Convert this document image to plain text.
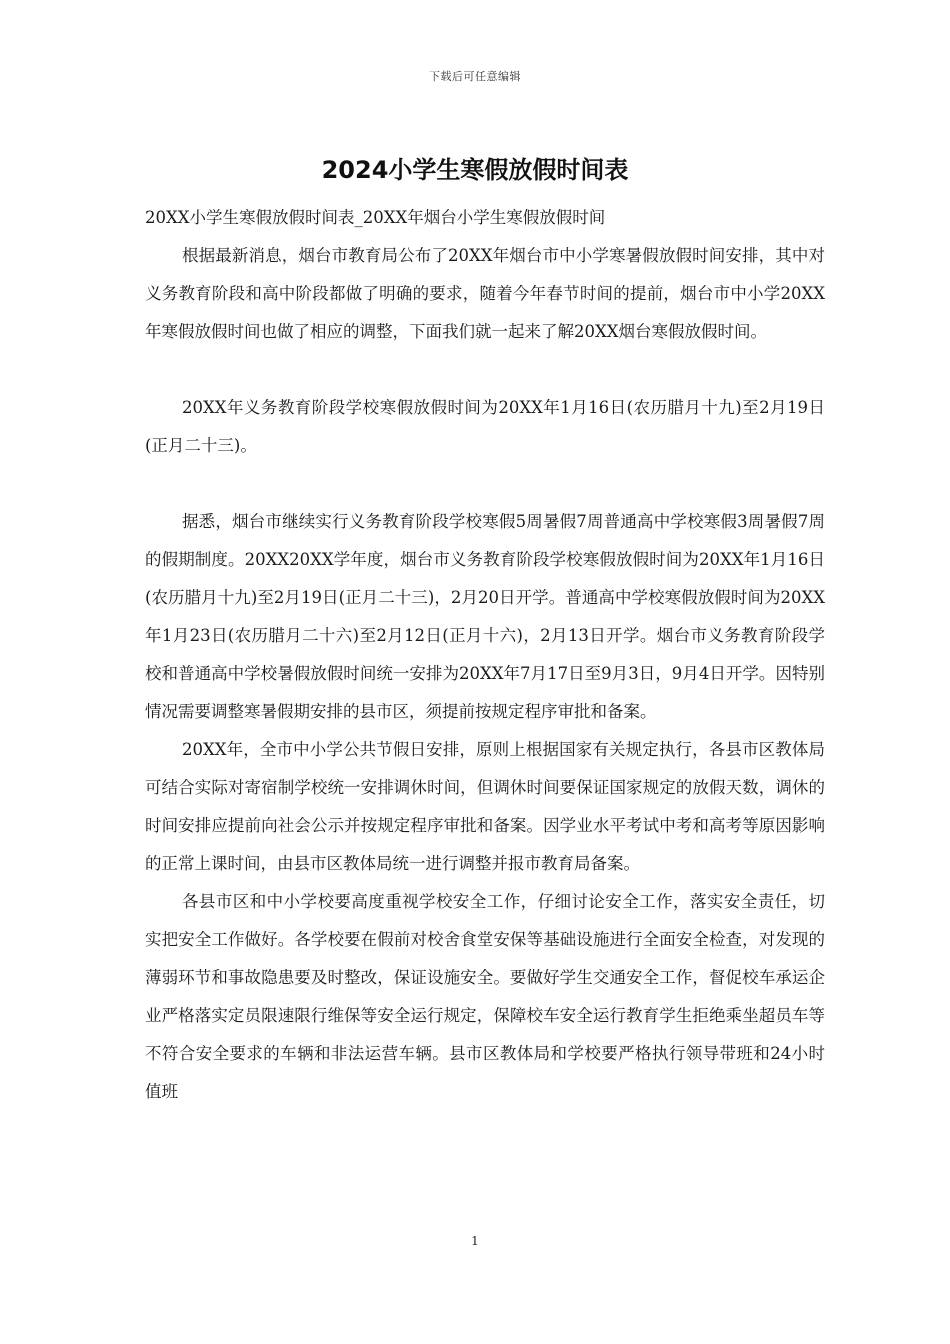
下载后可任意编辑
2024小学生寒假放假时间表

20XX小学生寒假放假时间表_20XX年烟台小学生寒假放假时间

根据最新消息，烟台市教育局公布了20XX年烟台市中小学寒暑假放假时间安排，其中对义务教育阶段和高中阶段都做了明确的要求，随着今年春节时间的提前，烟台市中小学20XX年寒假放假时间也做了相应的调整，下面我们就一起来了解20XX烟台寒假放假时间。

20XX年义务教育阶段学校寒假放假时间为20XX年1月16日(农历腊月十九)至2月19日(正月二十三)。

据悉，烟台市继续实行义务教育阶段学校寒假5周暑假7周普通高中学校寒假3周暑假7周的假期制度。20XX20XX学年度，烟台市义务教育阶段学校寒假放假时间为20XX年1月16日(农历腊月十九)至2月19日(正月二十三)，2月20日开学。普通高中学校寒假放假时间为20XX年1月23日(农历腊月二十六)至2月12日(正月十六)，2月13日开学。烟台市义务教育阶段学校和普通高中学校暑假放假时间统一安排为20XX年7月17日至9月3日，9月4日开学。因特别情况需要调整寒暑假期安排的县市区，须提前按规定程序审批和备案。

20XX年，全市中小学公共节假日安排，原则上根据国家有关规定执行，各县市区教体局可结合实际对寄宿制学校统一安排调休时间，但调休时间要保证国家规定的放假天数，调休的时间安排应提前向社会公示并按规定程序审批和备案。因学业水平考试中考和高考等原因影响的正常上课时间，由县市区教体局统一进行调整并报市教育局备案。

各县市区和中小学校要高度重视学校安全工作，仔细讨论安全工作，落实安全责任，切实把安全工作做好。各学校要在假前对校舍食堂安保等基础设施进行全面安全检查，对发现的薄弱环节和事故隐患要及时整改，保证设施安全。要做好学生交通安全工作，督促校车承运企业严格落实定员限速限行维保等安全运行规定，保障校车安全运行教育学生拒绝乘坐超员车等不符合安全要求的车辆和非法运营车辆。县市区教体局和学校要严格执行领导带班和24小时值班

1
